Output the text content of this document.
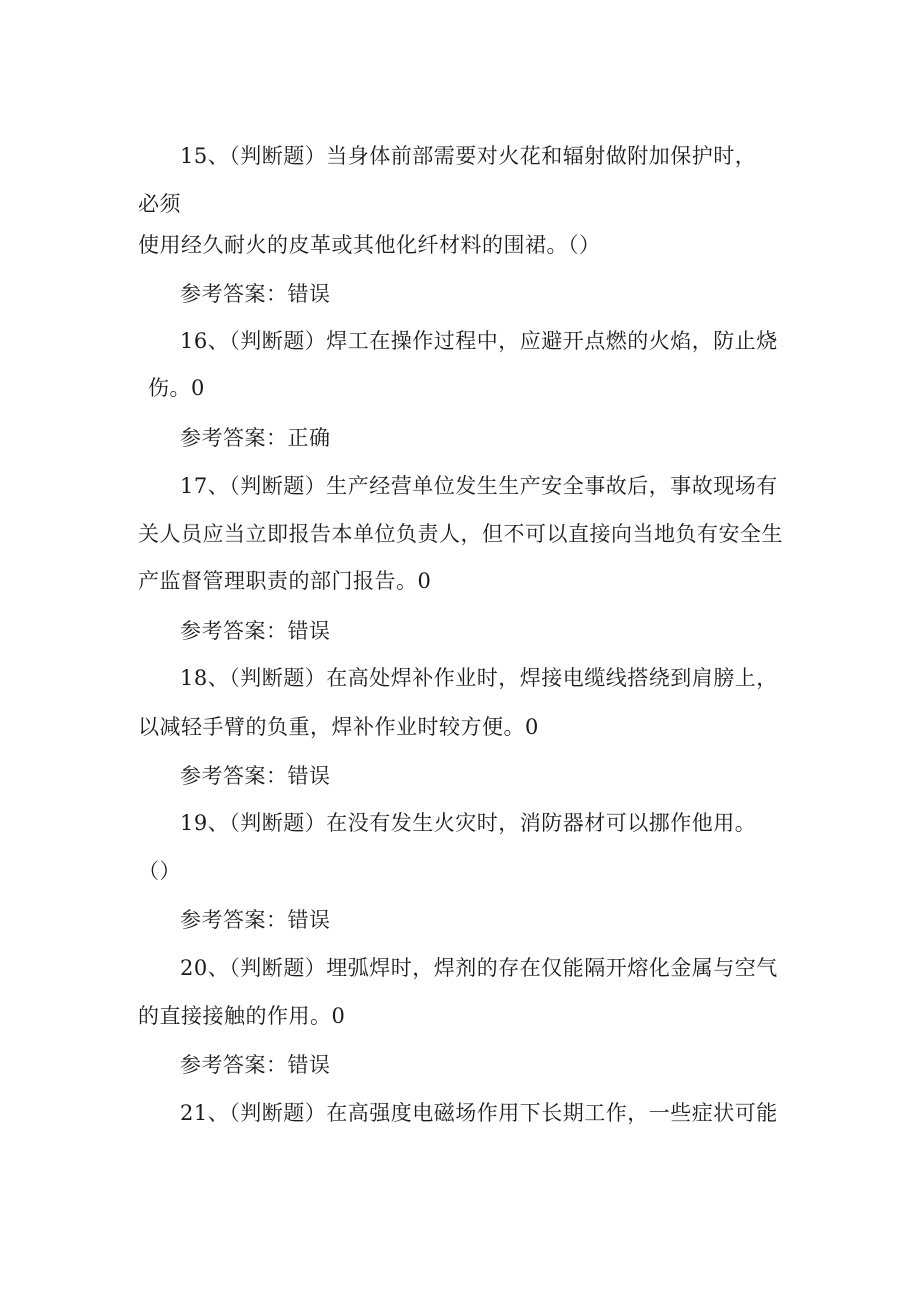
15、（判断题）当身体前部需要对火花和辐射做附加保护时，
必须
使用经久耐火的皮革或其他化纤材料的围裙。（）
参考答案：错误
16、（判断题）焊工在操作过程中，应避开点燃的火焰，防止烧
伤。0
参考答案：正确
17、（判断题）生产经营单位发生生产安全事故后，事故现场有
关人员应当立即报告本单位负责人，但不可以直接向当地负有安全生
产监督管理职责的部门报告。0
参考答案：错误
18、（判断题）在高处焊补作业时，焊接电缆线搭绕到肩膀上，
以减轻手臂的负重，焊补作业时较方便。0
参考答案：错误
19、（判断题）在没有发生火灾时，消防器材可以挪作他用。
（）
参考答案：错误
20、（判断题）埋弧焊时，焊剂的存在仅能隔开熔化金属与空气
的直接接触的作用。0
参考答案：错误
21、（判断题）在高强度电磁场作用下长期工作，一些症状可能
